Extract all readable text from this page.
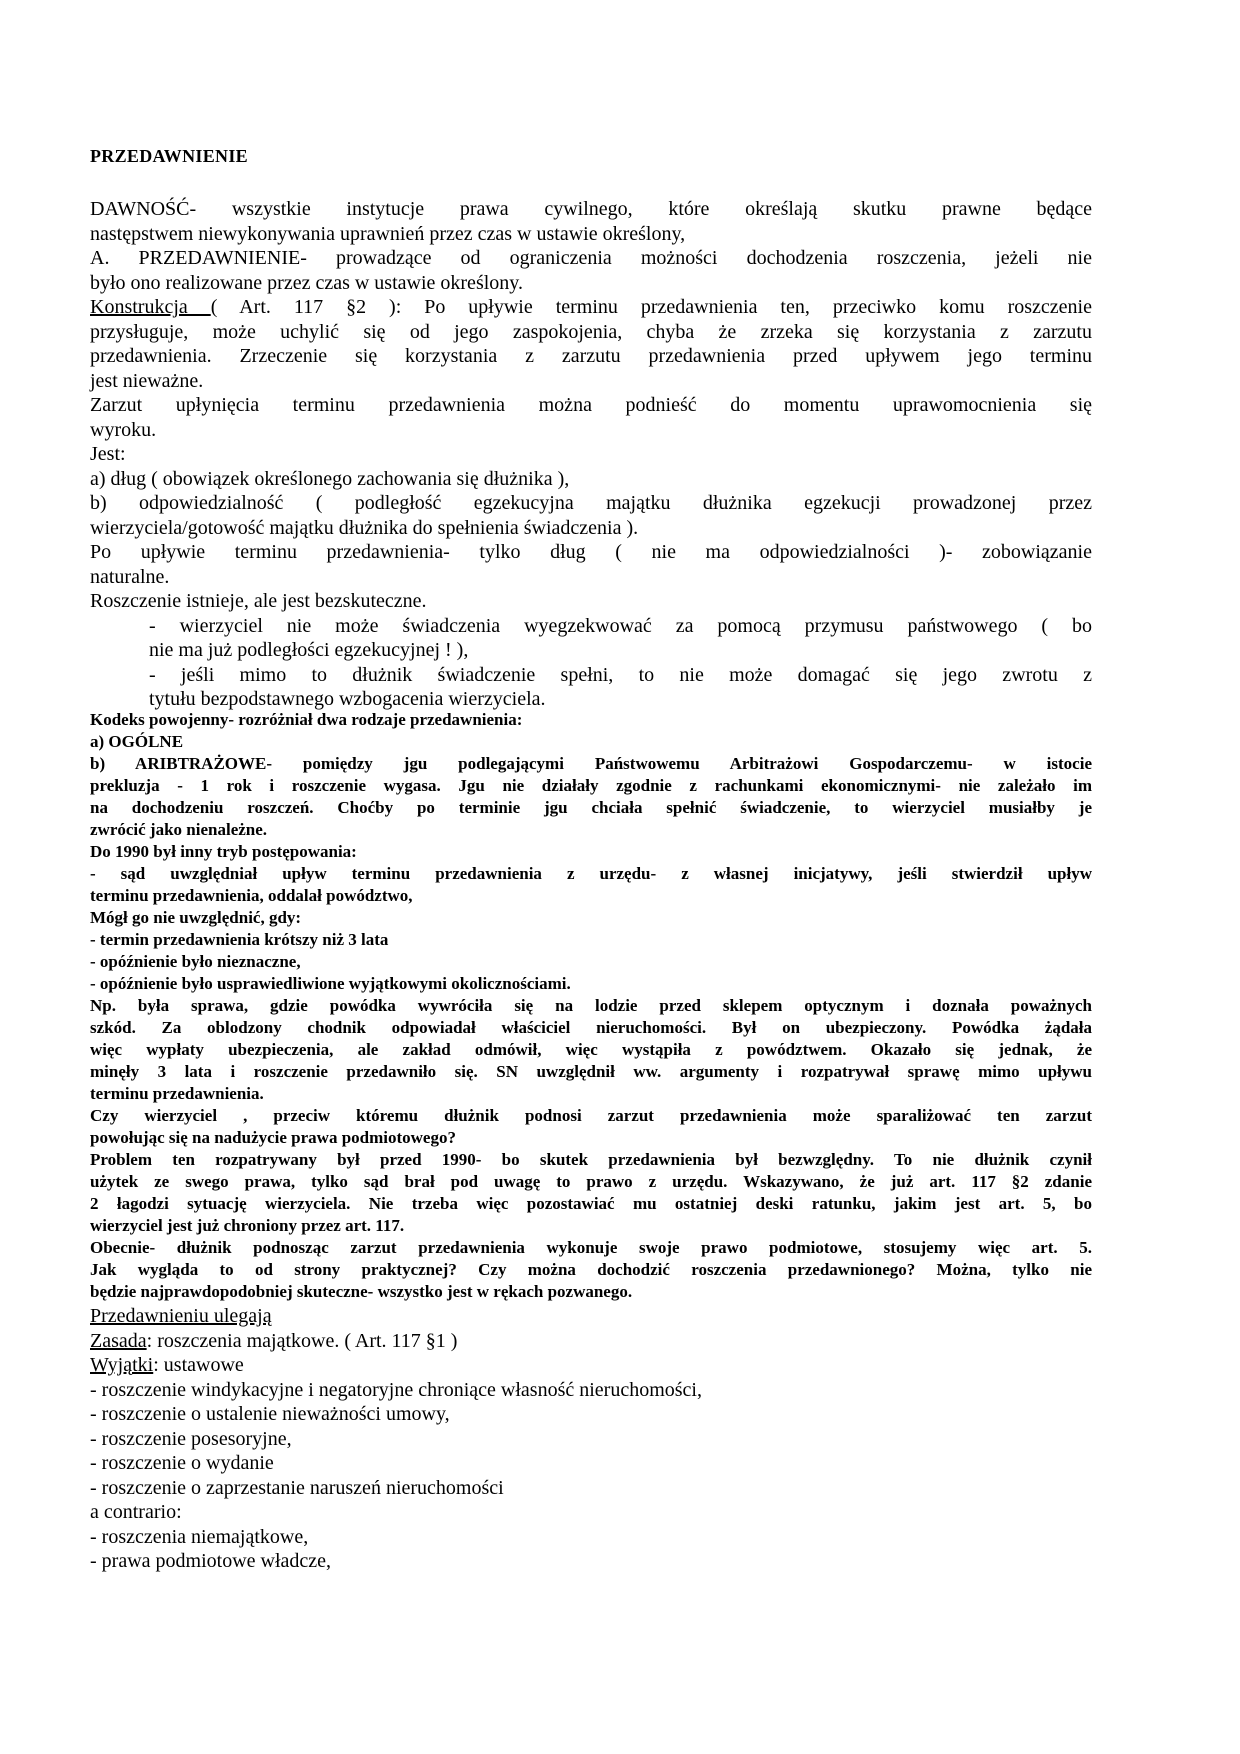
PRZEDAWNIENIE
DAWNOŚĆ- wszystkie instytucje prawa cywilnego, które określają skutku prawne będące
następstwem niewykonywania uprawnień przez czas w ustawie określony,
A. PRZEDAWNIENIE- prowadzące od ograniczenia możności dochodzenia roszczenia, jeżeli nie
było ono realizowane przez czas w ustawie określony.
Konstrukcja ( Art. 117 §2 ): Po upływie terminu przedawnienia ten, przeciwko komu roszczenie
przysługuje, może uchylić się od jego zaspokojenia, chyba że zrzeka się korzystania z zarzutu
przedawnienia. Zrzeczenie się korzystania z zarzutu przedawnienia przed upływem jego terminu
jest nieważne.
Zarzut upłynięcia terminu przedawnienia można podnieść do momentu uprawomocnienia się
wyroku.
Jest:
a) dług ( obowiązek określonego zachowania się dłużnika ),
b) odpowiedzialność ( podległość egzekucyjna majątku dłużnika egzekucji prowadzonej przez
wierzyciela/gotowość majątku dłużnika do spełnienia świadczenia ).
Po upływie terminu przedawnienia- tylko dług ( nie ma odpowiedzialności )- zobowiązanie
naturalne.
Roszczenie istnieje, ale jest bezskuteczne.
- wierzyciel nie może świadczenia wyegzekwować za pomocą przymusu państwowego ( bo
nie ma już podległości egzekucyjnej ! ),
- jeśli mimo to dłużnik świadczenie spełni, to nie może domagać się jego zwrotu z
tytułu bezpodstawnego wzbogacenia wierzyciela.
Kodeks powojenny- rozróżniał dwa rodzaje przedawnienia:
a) OGÓLNE
b) ARIBTRAŻOWE- pomiędzy jgu podlegającymi Państwowemu Arbitrażowi Gospodarczemu- w istocie
prekluzja - 1 rok i roszczenie wygasa. Jgu nie działały zgodnie z rachunkami ekonomicznymi- nie zależało im
na dochodzeniu roszczeń. Choćby po terminie jgu chciała spełnić świadczenie, to wierzyciel musiałby je
zwrócić jako nienależne.
Do 1990 był inny tryb postępowania:
- sąd uwzględniał upływ terminu przedawnienia z urzędu- z własnej inicjatywy, jeśli stwierdził upływ
terminu przedawnienia, oddalał powództwo,
Mógł go nie uwzględnić, gdy:
- termin przedawnienia krótszy niż 3 lata
- opóźnienie było nieznaczne,
- opóźnienie było usprawiedliwione wyjątkowymi okolicznościami.
Np. była sprawa, gdzie powódka wywróciła się na lodzie przed sklepem optycznym i doznała poważnych
szkód. Za oblodzony chodnik odpowiadał właściciel nieruchomości. Był on ubezpieczony. Powódka żądała
więc wypłaty ubezpieczenia, ale zakład odmówił, więc wystąpiła z powództwem. Okazało się jednak, że
minęły 3 lata i roszczenie przedawniło się. SN uwzględnił ww. argumenty i rozpatrywał sprawę mimo upływu
terminu przedawnienia.
Czy wierzyciel , przeciw któremu dłużnik podnosi zarzut przedawnienia może sparaliżować ten zarzut
powołując się na nadużycie prawa podmiotowego?
Problem ten rozpatrywany był przed 1990- bo skutek przedawnienia był bezwzględny. To nie dłużnik czynił
użytek ze swego prawa, tylko sąd brał pod uwagę to prawo z urzędu. Wskazywano, że już art. 117 §2 zdanie
2 łagodzi sytuację wierzyciela. Nie trzeba więc pozostawiać mu ostatniej deski ratunku, jakim jest art. 5, bo
wierzyciel jest już chroniony przez art. 117.
Obecnie- dłużnik podnosząc zarzut przedawnienia wykonuje swoje prawo podmiotowe, stosujemy więc art. 5.
Jak wygląda to od strony praktycznej? Czy można dochodzić roszczenia przedawnionego? Można, tylko nie
będzie najprawdopodobniej skuteczne- wszystko jest w rękach pozwanego.
Przedawnieniu ulegają
Zasada: roszczenia majątkowe. ( Art. 117 §1 )
Wyjątki: ustawowe
- roszczenie windykacyjne i negatoryjne chroniące własność nieruchomości,
- roszczenie o ustalenie nieważności umowy,
- roszczenie posesoryjne,
- roszczenie o wydanie
- roszczenie o zaprzestanie naruszeń nieruchomości
a contrario:
- roszczenia niemajątkowe,
- prawa podmiotowe władcze,
